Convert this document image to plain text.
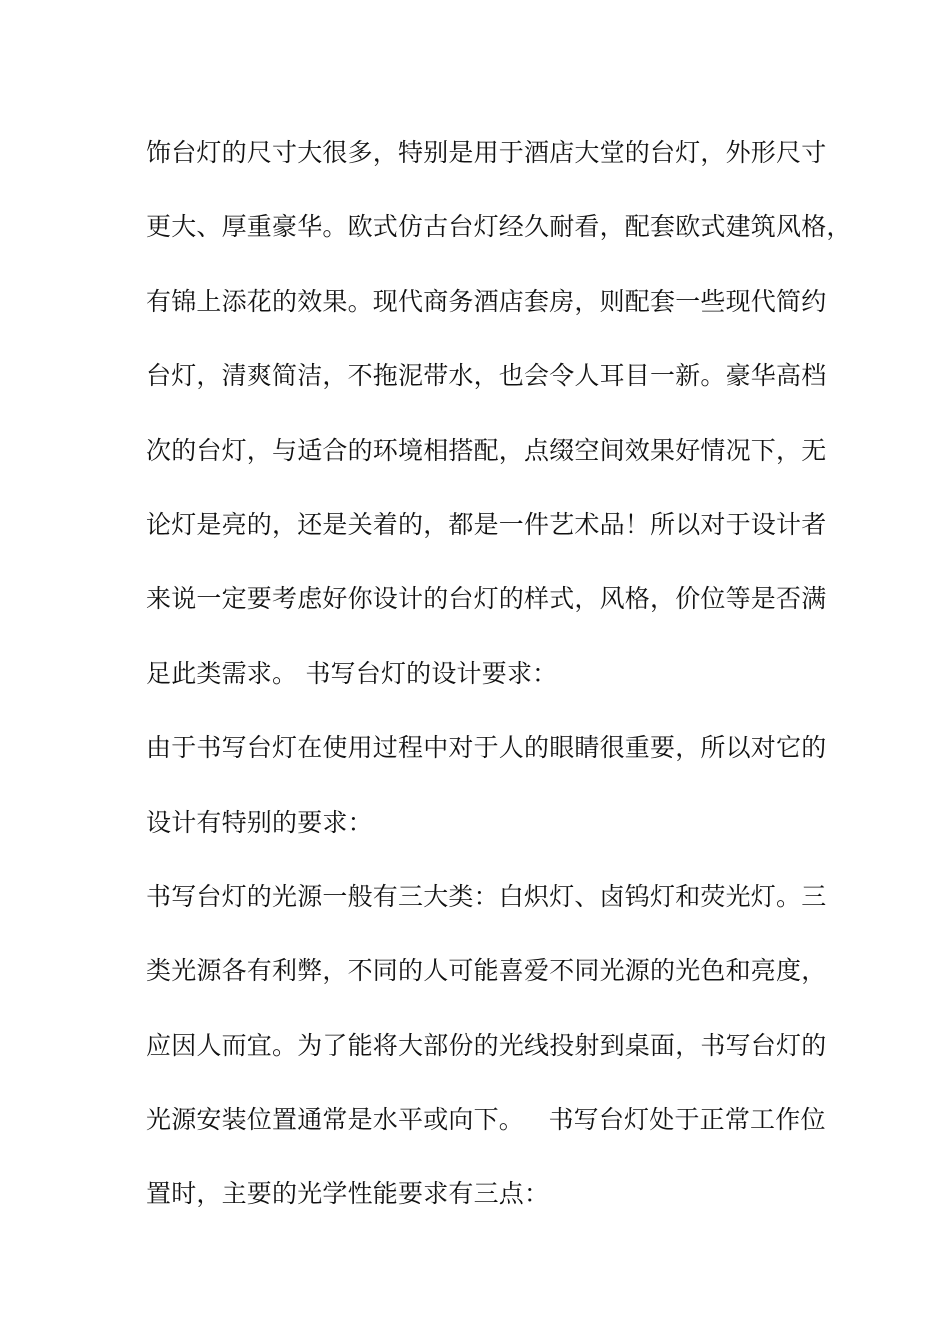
饰台灯的尺寸大很多，特别是用于酒店大堂的台灯，外形尺寸
更大、厚重豪华。欧式仿古台灯经久耐看，配套欧式建筑风格，
有锦上添花的效果。现代商务酒店套房，则配套一些现代简约
台灯，清爽简洁，不拖泥带水，也会令人耳目一新。豪华高档
次的台灯，与适合的环境相搭配，点缀空间效果好情况下，无
论灯是亮的，还是关着的，都是一件艺术品！所以对于设计者
来说一定要考虑好你设计的台灯的样式，风格，价位等是否满
足此类需求。 书写台灯的设计要求：
由于书写台灯在使用过程中对于人的眼睛很重要，所以对它的
设计有特别的要求：
书写台灯的光源一般有三大类：白炽灯、卤钨灯和荧光灯。三
类光源各有利弊，不同的人可能喜爱不同光源的光色和亮度，
应因人而宜。为了能将大部份的光线投射到桌面，书写台灯的
光源安装位置通常是水平或向下。   书写台灯处于正常工作位
置时，主要的光学性能要求有三点：
